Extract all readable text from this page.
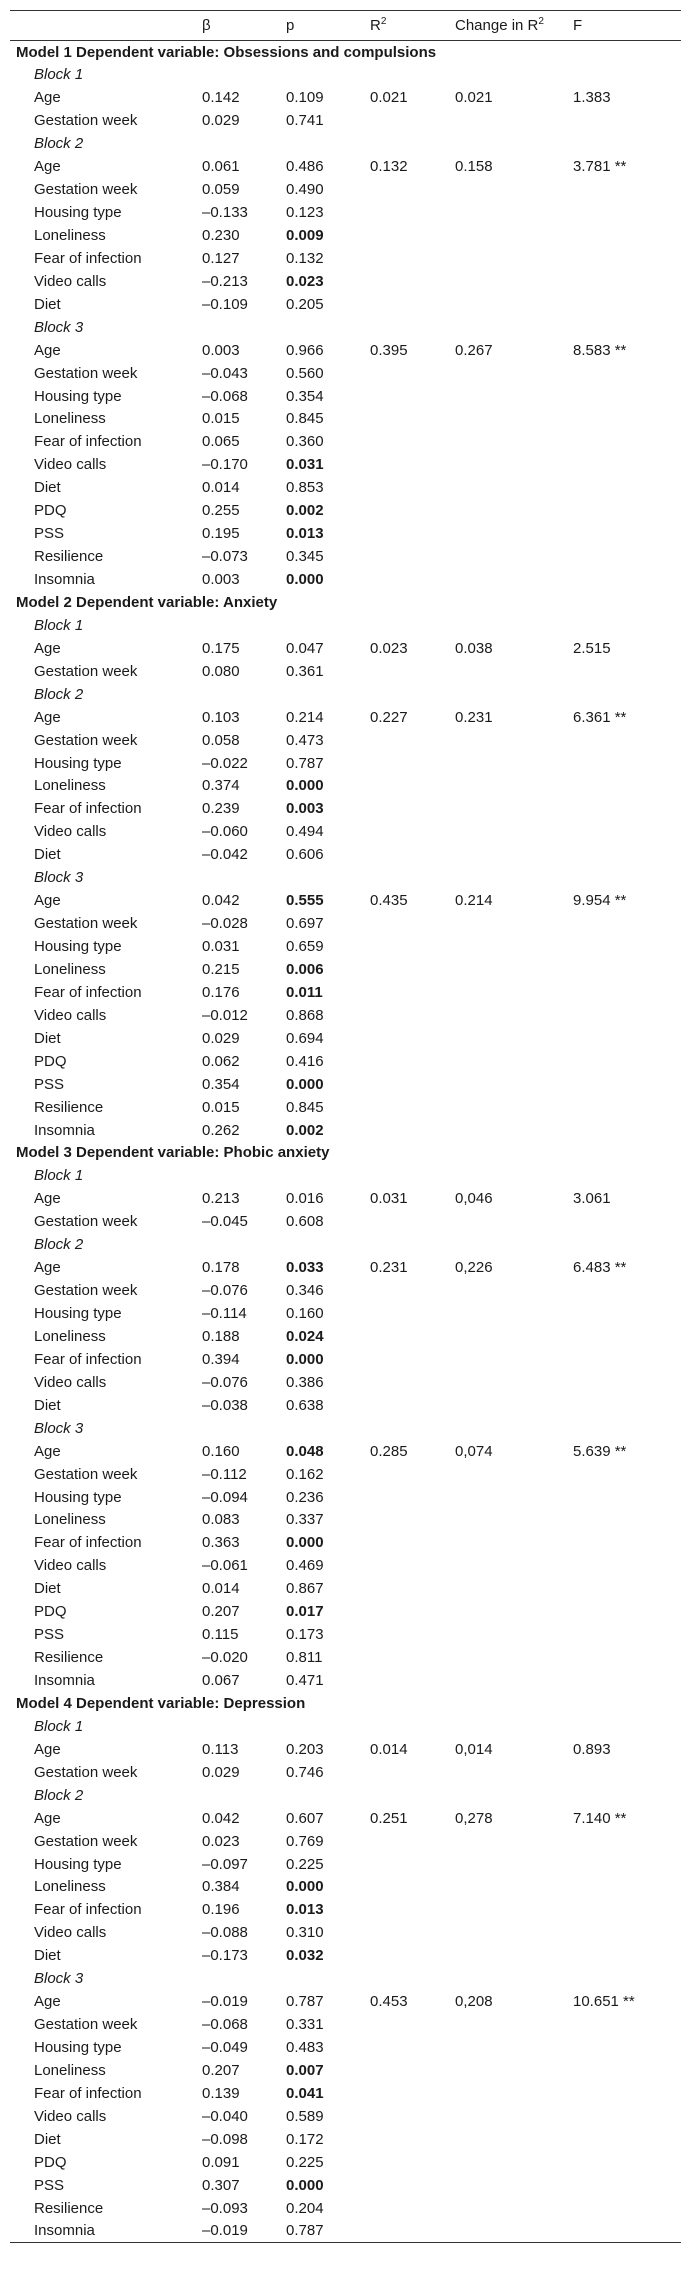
	β	p	$R^2$	Change in $R^2$	F
Model 1 Dependent variable: Obsessions and compulsions					
Block 1					
Age	0.142	0.109	0.021	0.021	1.383
Gestation week	0.029	0.741			
Block 2					
Age	0.061	0.486	0.132	0.158	3.781 **
Gestation week	0.059	0.490			
Housing type	–0.133	0.123			
Loneliness	0.230	0.009			
Fear of infection	0.127	0.132			
Video calls	–0.213	0.023			
Diet	–0.109	0.205			
Block 3					
Age	0.003	0.966	0.395	0.267	8.583 **
Gestation week	–0.043	0.560			
Housing type	–0.068	0.354			
Loneliness	0.015	0.845			
Fear of infection	0.065	0.360			
Video calls	–0.170	0.031			
Diet	0.014	0.853			
PDQ	0.255	0.002			
PSS	0.195	0.013			
Resilience	–0.073	0.345			
Insomnia	0.003	0.000			
Model 2 Dependent variable: Anxiety					
Block 1					
Age	0.175	0.047	0.023	0.038	2.515
Gestation week	0.080	0.361			
Block 2					
Age	0.103	0.214	0.227	0.231	6.361 **
Gestation week	0.058	0.473			
Housing type	–0.022	0.787			
Loneliness	0.374	0.000			
Fear of infection	0.239	0.003			
Video calls	–0.060	0.494			
Diet	–0.042	0.606			
Block 3					
Age	0.042	0.555	0.435	0.214	9.954 **
Gestation week	–0.028	0.697			
Housing type	0.031	0.659			
Loneliness	0.215	0.006			
Fear of infection	0.176	0.011			
Video calls	–0.012	0.868			
Diet	0.029	0.694			
PDQ	0.062	0.416			
PSS	0.354	0.000			
Resilience	0.015	0.845			
Insomnia	0.262	0.002			
Model 3 Dependent variable: Phobic anxiety					
Block 1					
Age	0.213	0.016	0.031	0,046	3.061
Gestation week	–0.045	0.608			
Block 2					
Age	0.178	0.033	0.231	0,226	6.483 **
Gestation week	–0.076	0.346			
Housing type	–0.114	0.160			
Loneliness	0.188	0.024			
Fear of infection	0.394	0.000			
Video calls	–0.076	0.386			
Diet	–0.038	0.638			
Block 3					
Age	0.160	0.048	0.285	0,074	5.639 **
Gestation week	–0.112	0.162			
Housing type	–0.094	0.236			
Loneliness	0.083	0.337			
Fear of infection	0.363	0.000			
Video calls	–0.061	0.469			
Diet	0.014	0.867			
PDQ	0.207	0.017			
PSS	0.115	0.173			
Resilience	–0.020	0.811			
Insomnia	0.067	0.471			
Model 4 Dependent variable: Depression					
Block 1					
Age	0.113	0.203	0.014	0,014	0.893
Gestation week	0.029	0.746			
Block 2					
Age	0.042	0.607	0.251	0,278	7.140 **
Gestation week	0.023	0.769			
Housing type	–0.097	0.225			
Loneliness	0.384	0.000			
Fear of infection	0.196	0.013			
Video calls	–0.088	0.310			
Diet	–0.173	0.032			
Block 3					
Age	–0.019	0.787	0.453	0,208	10.651 **
Gestation week	–0.068	0.331			
Housing type	–0.049	0.483			
Loneliness	0.207	0.007			
Fear of infection	0.139	0.041			
Video calls	–0.040	0.589			
Diet	–0.098	0.172			
PDQ	0.091	0.225			
PSS	0.307	0.000			
Resilience	–0.093	0.204			
Insomnia	–0.019	0.787			
